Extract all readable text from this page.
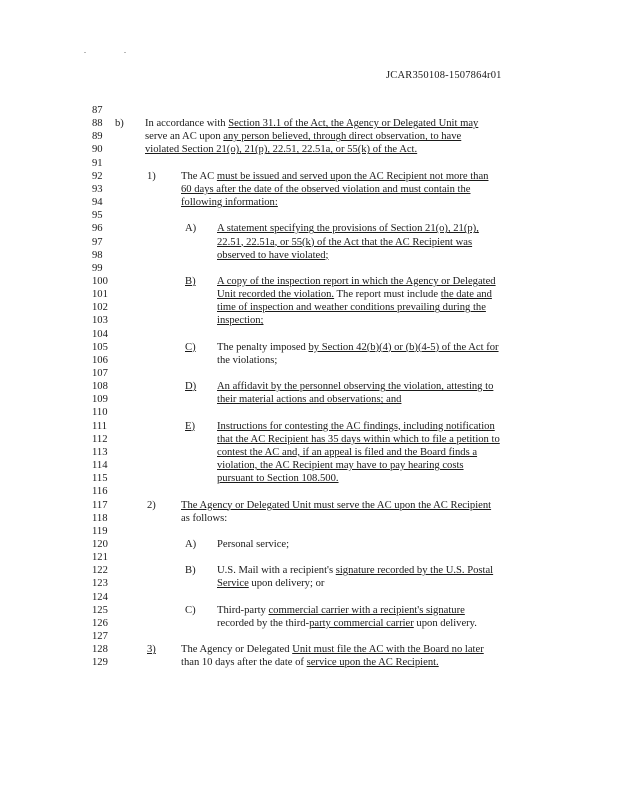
. .
JCAR350108-1507864r01
87
88	b) In accordance with Section 31.1 of the Act, the Agency or Delegated Unit may
89	serve an AC upon any person believed, through direct observation, to have
90	violated Section 21(o), 21(p), 22.51, 22.51a, or 55(k) of the Act.
91
92	1) The AC must be issued and served upon the AC Recipient not more than
93	60 days after the date of the observed violation and must contain the
94	following information:
95
96	A) A statement specifying the provisions of Section 21(o), 21(p),
97	22.51, 22.51a, or 55(k) of the Act that the AC Recipient was
98	observed to have violated;
99
100	B) A copy of the inspection report in which the Agency or Delegated
101	Unit recorded the violation. The report must include the date and
102	time of inspection and weather conditions prevailing during the
103	inspection;
104
105	C) The penalty imposed by Section 42(b)(4) or (b)(4-5) of the Act for
106	the violations;
107
108	D) An affidavit by the personnel observing the violation, attesting to
109	their material actions and observations; and
110
111	E) Instructions for contesting the AC findings, including notification
112	that the AC Recipient has 35 days within which to file a petition to
113	contest the AC and, if an appeal is filed and the Board finds a
114	violation, the AC Recipient may have to pay hearing costs
115	pursuant to Section 108.500.
116
117	2) The Agency or Delegated Unit must serve the AC upon the AC Recipient
118	as follows:
119
120	A) Personal service;
121
122	B) U.S. Mail with a recipient's signature recorded by the U.S. Postal
123	Service upon delivery; or
124
125	C) Third-party commercial carrier with a recipient's signature
126	recorded by the third-party commercial carrier upon delivery.
127
128	3) The Agency or Delegated Unit must file the AC with the Board no later
129	than 10 days after the date of service upon the AC Recipient.
